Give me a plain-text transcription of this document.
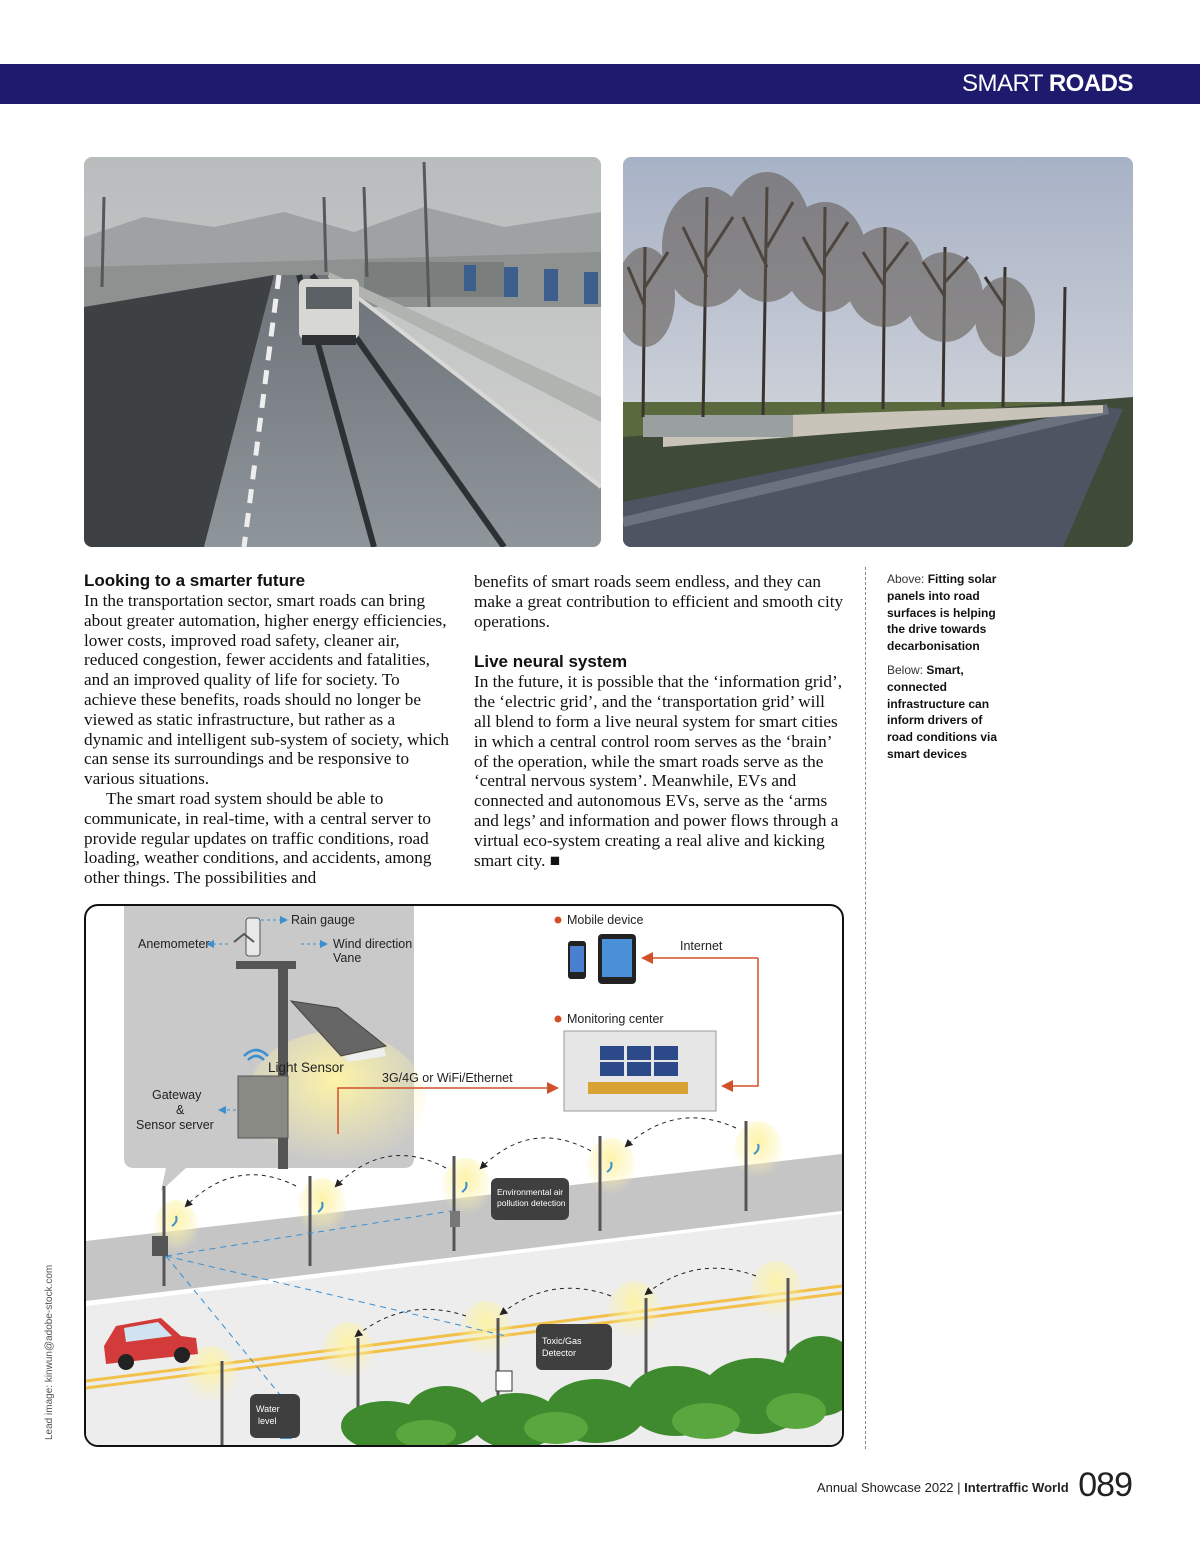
SMART ROADS
Looking to a smarter future

In the transportation sector, smart roads can bring about greater automation, higher energy efficiencies, lower costs, improved road safety, cleaner air, reduced congestion, fewer accidents and fatalities, and an improved quality of life for society. To achieve these benefits, roads should no longer be viewed as static infrastructure, but rather as a dynamic and intelligent sub-system of society, which can sense its surroundings and be responsive to various situations.

The smart road system should be able to communicate, in real-time, with a central server to provide regular updates on traffic conditions, road loading, weather conditions, and accidents, among other things. The possibilities and

benefits of smart roads seem endless, and they can make a great contribution to efficient and smooth city operations.

Live neural system

In the future, it is possible that the ‘information grid’, the ‘electric grid’, and the ‘transportation grid’ will all blend to form a live neural system for smart cities in which a central control room serves as the ‘brain’ of the operation, while the smart roads serve as the ‘central nervous system’. Meanwhile, EVs and connected and autonomous EVs, serve as the ‘arms and legs’ and information and power flows through a virtual eco-system creating a real alive and kicking smart city. ■

Above: Fitting solar panels into road surfaces is helping the drive towards decarbonisation

Below: Smart, connected infrastructure can inform drivers of road conditions via smart devices

Lead image: kinwun@adobe-stock.com
Rain gauge
Anemometer	Wind direction
Vane
Light Sensor
Gateway
&
Sensor server
3G/4G or WiFi/Ethernet
Mobile device
Internet
Monitoring center
Environmental air
pollution detection
Toxic/Gas
Detector
Water
level
$^{Annual Showcase 2022 | Intertraffic World}$ 089
